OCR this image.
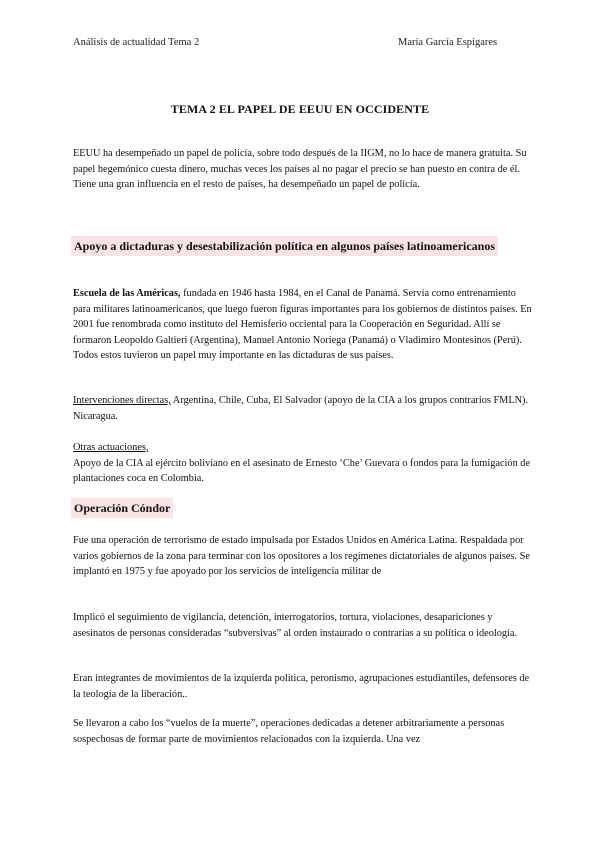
Análisis de actualidad Tema 2	María García Espigares
TEMA 2 EL PAPEL DE EEUU EN OCCIDENTE

EEUU ha desempeñado un papel de policía, sobre todo después de la IIGM, no lo hace de manera gratuita. Su papel hegemónico cuesta dinero, muchas veces los países al no pagar el precio se han puesto en contra de él. Tiene una gran influencia en el resto de países, ha desempeñado un papel de policía.

Apoyo a dictaduras y desestabilización política en algunos países latinoamericanos

Escuela de las Américas, fundada en 1946 hasta 1984, en el Canal de Panamá. Servía como entrenamiento para militares latinoamericanos, que luego fueron figuras importantes para los gobiernos de distintos países. En 2001 fue renombrada como instituto del Hemisferio occiental para la Cooperación en Seguridad. Allí se formaron Leopoldo Galtieri (Argentina), Manuel Antonio Noriega (Panamá) o Vladimiro Montesinos (Perú). Todos estos tuvieron un papel muy importante en las dictaduras de sus países.

Intervenciones directas, Argentina, Chile, Cuba, El Salvador (apoyo de la CIA a los grupos contrarios FMLN). Nicaragua.

Otras actuaciones,
Apoyo de la CIA al ejército boliviano en el asesinato de Ernesto ‘Che’ Guevara o fondos para la fumigación de plantaciones coca en Colombia.

Operación Cóndor

Fue una operación de terrorismo de estado impulsada por Estados Unidos en América Latina. Respaldada por varios gobiernos de la zona para terminar con los opositores a los regímenes dictatoriales de algunos países. Se implantó en 1975 y fue apoyado por los servicios de inteligencia militar de

Implicó el seguimiento de vigilancia, detención, interrogatorios, tortura, violaciones, desapariciones y asesinatos de personas consideradas “subversivas” al orden instaurado o contrarias a su política o ideología.

Eran integrantes de movimientos de la izquierda política, peronismo, agrupaciones estudiantiles, defensores de la teología de la liberación..

Se llevaron a cabo los “vuelos de la muerte”, operaciones dedicadas a detener arbitrariamente a personas sospechosas de formar parte de movimientos relacionados con la izquierda. Una vez
